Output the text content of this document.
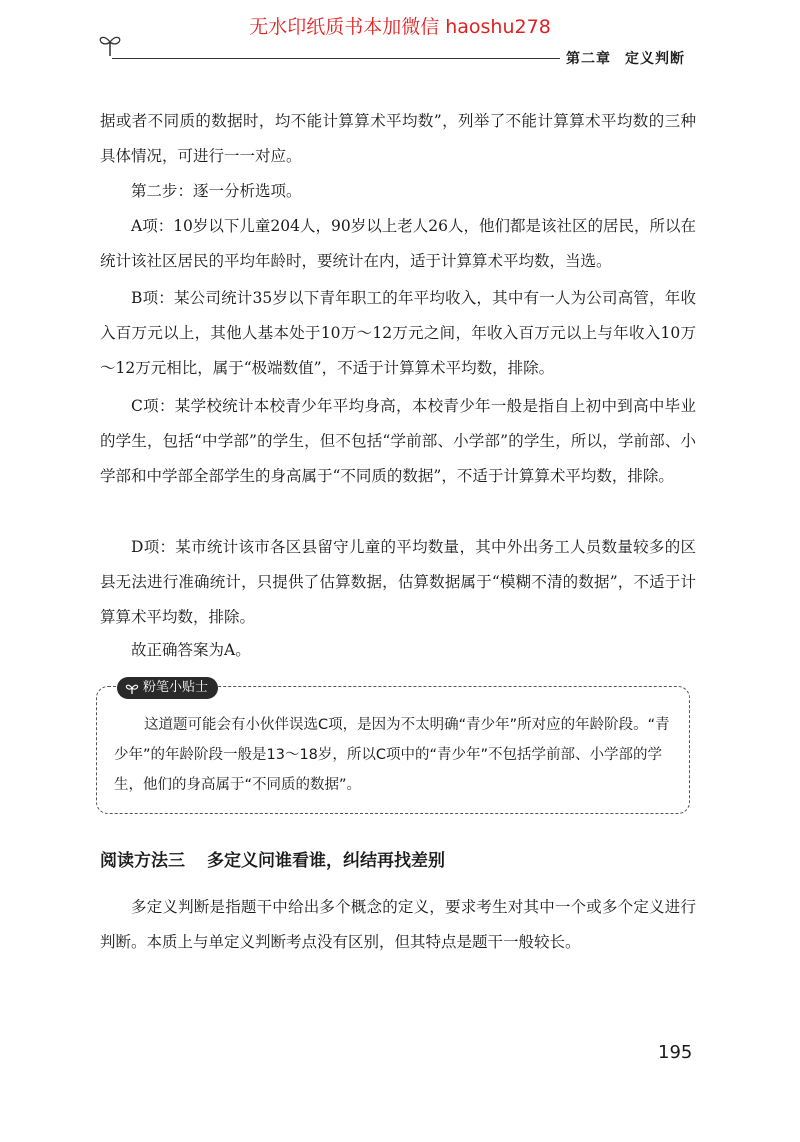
无水印纸质书本加微信 haoshu278
第二章 定义判断

据或者不同质的数据时，均不能计算算术平均数”，列举了不能计算算术平均数的三种具体情况，可进行一一对应。

第二步：逐一分析选项。

A项：10岁以下儿童204人，90岁以上老人26人，他们都是该社区的居民，所以在统计该社区居民的平均年龄时，要统计在内，适于计算算术平均数，当选。

B项：某公司统计35岁以下青年职工的年平均收入，其中有一人为公司高管，年收入百万元以上，其他人基本处于10万～12万元之间，年收入百万元以上与年收入10万～12万元相比，属于“极端数值”，不适于计算算术平均数，排除。

C项：某学校统计本校青少年平均身高，本校青少年一般是指自上初中到高中毕业的学生，包括“中学部”的学生，但不包括“学前部、小学部”的学生，所以，学前部、小学部和中学部全部学生的身高属于“不同质的数据”，不适于计算算术平均数，排除。

D项：某市统计该市各区县留守儿童的平均数量，其中外出务工人员数量较多的区县无法进行准确统计，只提供了估算数据，估算数据属于“模糊不清的数据”，不适于计算算术平均数，排除。

故正确答案为A。

粉笔小贴士

这道题可能会有小伙伴误选C项，是因为不太明确“青少年”所对应的年龄阶段。“青少年”的年龄阶段一般是13～18岁，所以C项中的“青少年”不包括学前部、小学部的学生，他们的身高属于“不同质的数据”。

阅读方法三 多定义问谁看谁，纠结再找差别

多定义判断是指题干中给出多个概念的定义，要求考生对其中一个或多个定义进行判断。本质上与单定义判断考点没有区别，但其特点是题干一般较长。

195
